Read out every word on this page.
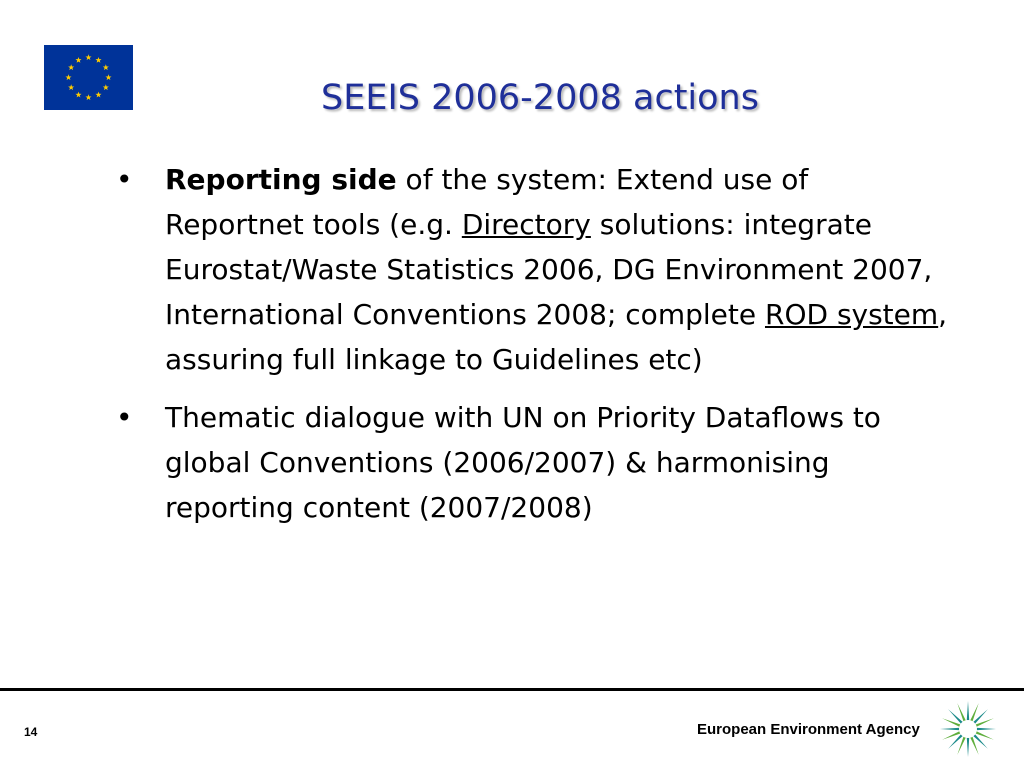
SEEIS 2006-2008 actions
• Reporting side of the system: Extend use of Reportnet tools (e.g. Directory solutions: integrate Eurostat/Waste Statistics 2006, DG Environment 2007, International Conventions 2008; complete ROD system, assuring full linkage to Guidelines etc)
• Thematic dialogue with UN on Priority Dataflows to global Conventions (2006/2007) & harmonising reporting content (2007/2008)
14	European Environment Agency
